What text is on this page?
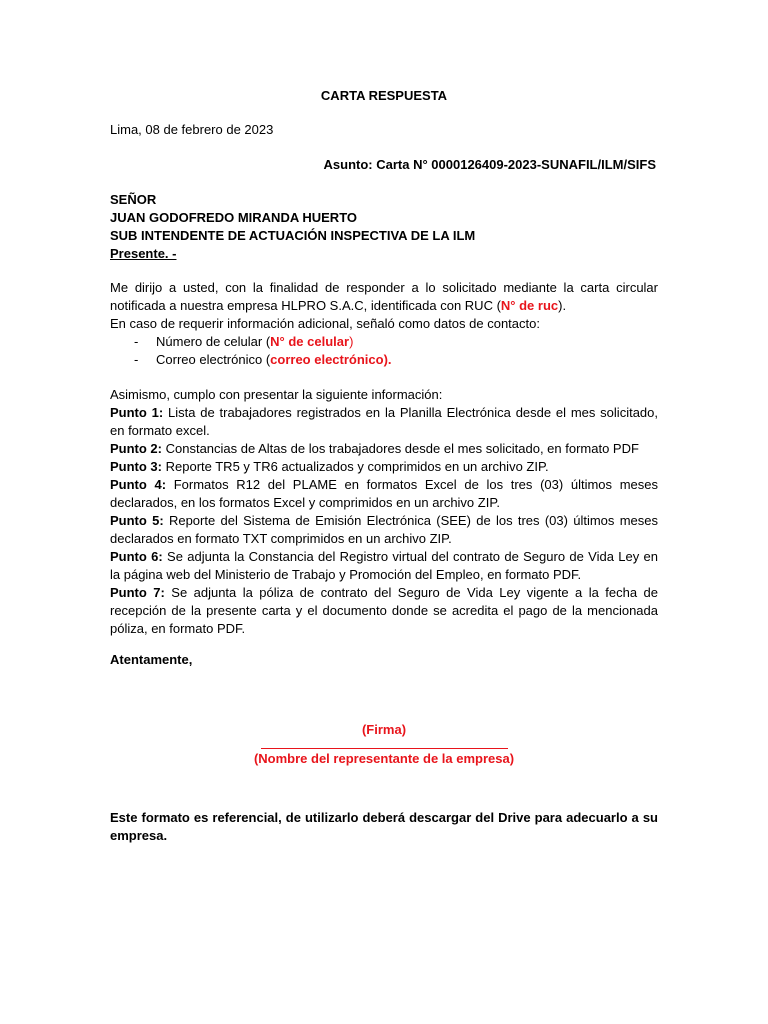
CARTA RESPUESTA
Lima, 08 de febrero de 2023
Asunto: Carta N° 0000126409-2023-SUNAFIL/ILM/SIFS
SEÑOR
JUAN GODOFREDO MIRANDA HUERTO
SUB INTENDENTE DE ACTUACIÓN INSPECTIVA DE LA ILM
Presente. -

Me dirijo a usted, con la finalidad de responder a lo solicitado mediante la carta circular notificada a nuestra empresa HLPRO S.A.C, identificada con RUC (N° de ruc).

En caso de requerir información adicional, señaló como datos de contacto:

- Número de celular (N° de celular)
- Correo electrónico (correo electrónico).

Asimismo, cumplo con presentar la siguiente información:

Punto 1: Lista de trabajadores registrados en la Planilla Electrónica desde el mes solicitado, en formato excel.

Punto 2: Constancias de Altas de los trabajadores desde el mes solicitado, en formato PDF

Punto 3: Reporte TR5 y TR6 actualizados y comprimidos en un archivo ZIP.

Punto 4: Formatos R12 del PLAME en formatos Excel de los tres (03) últimos meses declarados, en los formatos Excel y comprimidos en un archivo ZIP.

Punto 5: Reporte del Sistema de Emisión Electrónica (SEE) de los tres (03) últimos meses declarados en formato TXT comprimidos en un archivo ZIP.

Punto 6: Se adjunta la Constancia del Registro virtual del contrato de Seguro de Vida Ley en la página web del Ministerio de Trabajo y Promoción del Empleo, en formato PDF.

Punto 7: Se adjunta la póliza de contrato del Seguro de Vida Ley vigente a la fecha de recepción de la presente carta y el documento donde se acredita el pago de la mencionada póliza, en formato PDF.

Atentamente,
(Firma)
(Nombre del representante de la empresa)
Este formato es referencial, de utilizarlo deberá descargar del Drive para adecuarlo a su empresa.
